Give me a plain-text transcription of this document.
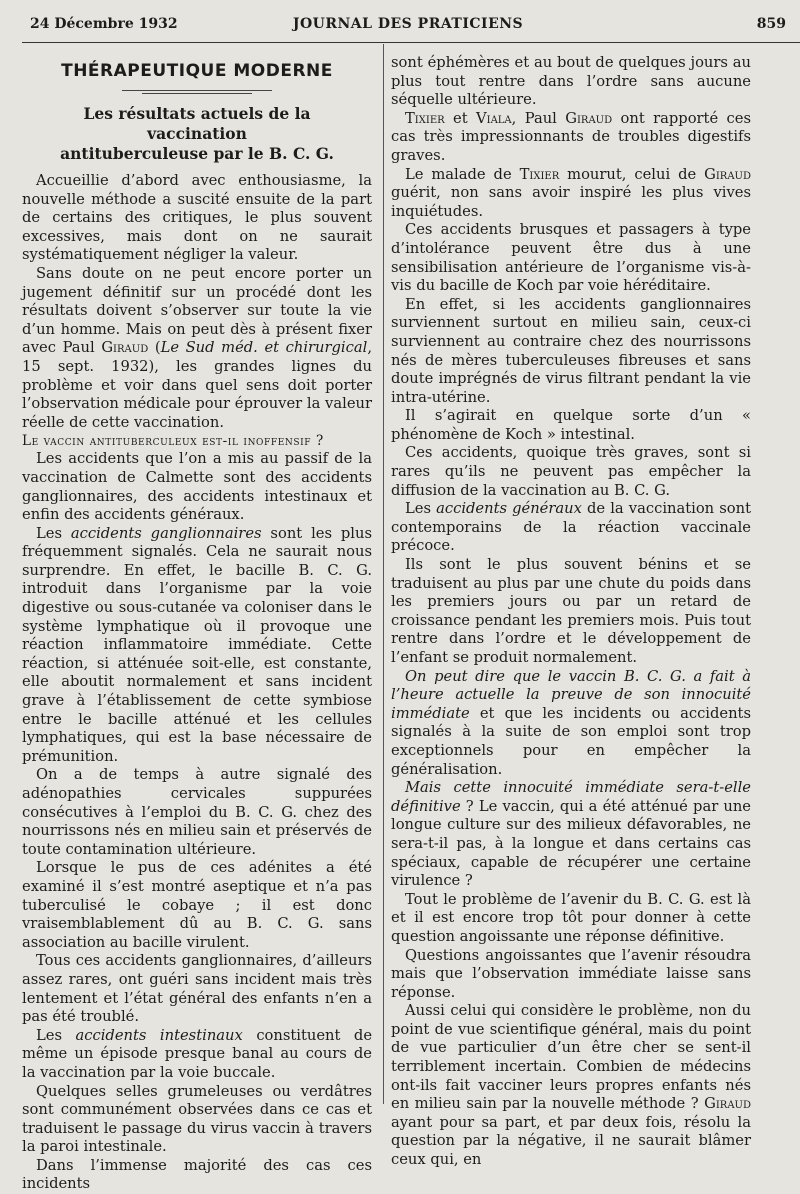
24 Décembre 1932	JOURNAL DES PRATICIENS	859
THÉRAPEUTIQUE MODERNE
Les résultats actuels de la vaccination
antituberculeuse par le B. C. G.

Accueillie d’abord avec enthousiasme, la nouvelle méthode a suscité ensuite de la part de certains des critiques, le plus souvent excessives, mais dont on ne saurait systématiquement négliger la valeur.

Sans doute on ne peut encore porter un jugement définitif sur un procédé dont les résultats doivent s’observer sur toute la vie d’un homme. Mais on peut dès à présent fixer avec Paul Giraud (Le Sud méd. et chirurgical, 15 sept. 1932), les grandes lignes du problème et voir dans quel sens doit porter l’observation médicale pour éprouver la valeur réelle de cette vaccination.

Le vaccin antituberculeux est-il inoffensif ?

Les accidents que l’on a mis au passif de la vaccination de Calmette sont des accidents ganglionnaires, des accidents intestinaux et enfin des accidents généraux.

Les accidents ganglionnaires sont les plus fréquemment signalés. Cela ne saurait nous surprendre. En effet, le bacille B. C. G. introduit dans l’organisme par la voie digestive ou sous-cutanée va coloniser dans le système lymphatique où il provoque une réaction inflammatoire immédiate. Cette réaction, si atténuée soit-elle, est constante, elle aboutit normalement et sans incident grave à l’établissement de cette symbiose entre le bacille atténué et les cellules lymphatiques, qui est la base nécessaire de prémunition.

On a de temps à autre signalé des adénopathies cervicales suppurées consécutives à l’emploi du B. C. G. chez des nourrissons nés en milieu sain et préservés de toute contamination ultérieure.

Lorsque le pus de ces adénites a été examiné il s’est montré aseptique et n’a pas tuberculisé le cobaye ; il est donc vraisemblablement dû au B. C. G. sans association au bacille virulent.

Tous ces accidents ganglionnaires, d’ailleurs assez rares, ont guéri sans incident mais très lentement et l’état général des enfants n’en a pas été troublé.

Les accidents intestinaux constituent de même un épisode presque banal au cours de la vaccination par la voie buccale.

Quelques selles grumeleuses ou verdâtres sont communément observées dans ce cas et traduisent le passage du virus vaccin à travers la paroi intestinale.

Dans l’immense majorité des cas ces incidents

sont éphémères et au bout de quelques jours au plus tout rentre dans l’ordre sans aucune séquelle ultérieure.

Tixier et Viala, Paul Giraud ont rapporté ces cas très impressionnants de troubles digestifs graves.

Le malade de Tixier mourut, celui de Giraud guérit, non sans avoir inspiré les plus vives inquiétudes.

Ces accidents brusques et passagers à type d’intolérance peuvent être dus à une sensibilisation antérieure de l’organisme vis-à-vis du bacille de Koch par voie héréditaire.

En effet, si les accidents ganglionnaires surviennent surtout en milieu sain, ceux-ci surviennent au contraire chez des nourrissons nés de mères tuberculeuses fibreuses et sans doute imprégnés de virus filtrant pendant la vie intra-utérine.

Il s’agirait en quelque sorte d’un « phénomène de Koch » intestinal.

Ces accidents, quoique très graves, sont si rares qu’ils ne peuvent pas empêcher la diffusion de la vaccination au B. C. G.

Les accidents généraux de la vaccination sont contemporains de la réaction vaccinale précoce.

Ils sont le plus souvent bénins et se traduisent au plus par une chute du poids dans les premiers jours ou par un retard de croissance pendant les premiers mois. Puis tout rentre dans l’ordre et le développement de l’enfant se produit normalement.

On peut dire que le vaccin B. C. G. a fait à l’heure actuelle la preuve de son innocuité immédiate et que les incidents ou accidents signalés à la suite de son emploi sont trop exceptionnels pour en empêcher la généralisation.

Mais cette innocuité immédiate sera-t-elle définitive ? Le vaccin, qui a été atténué par une longue culture sur des milieux défavorables, ne sera-t-il pas, à la longue et dans certains cas spéciaux, capable de récupérer une certaine virulence ?

Tout le problème de l’avenir du B. C. G. est là et il est encore trop tôt pour donner à cette question angoissante une réponse définitive.

Questions angoissantes que l’avenir résoudra mais que l’observation immédiate laisse sans réponse.

Aussi celui qui considère le problème, non du point de vue scientifique général, mais du point de vue particulier d’un être cher se sent-il terriblement incertain. Combien de médecins ont-ils fait vacciner leurs propres enfants nés en milieu sain par la nouvelle méthode ? Giraud ayant pour sa part, et par deux fois, résolu la question par la négative, il ne saurait blâmer ceux qui, en
